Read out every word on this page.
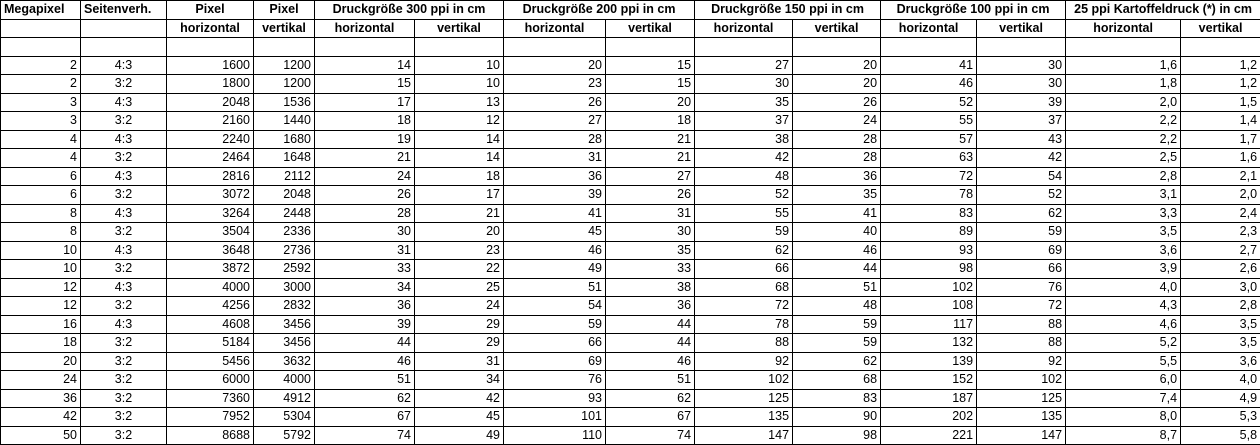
Megapixel	Seitenverh.	Pixel	Pixel	Druckgröße 300 ppi in cm		Druckgröße 200 ppi in cm		Druckgröße 150 ppi in cm		Druckgröße 100 ppi in cm		25 ppi Kartoffeldruck (*) in cm	
		horizontal	vertikal	horizontal	vertikal	horizontal	vertikal	horizontal	vertikal	horizontal	vertikal	horizontal	vertikal

2	4:3	1600	1200	14	10	20	15	27	20	41	30	1,6	1,2
2	3:2	1800	1200	15	10	23	15	30	20	46	30	1,8	1,2
3	4:3	2048	1536	17	13	26	20	35	26	52	39	2,0	1,5
3	3:2	2160	1440	18	12	27	18	37	24	55	37	2,2	1,4
4	4:3	2240	1680	19	14	28	21	38	28	57	43	2,2	1,7
4	3:2	2464	1648	21	14	31	21	42	28	63	42	2,5	1,6
6	4:3	2816	2112	24	18	36	27	48	36	72	54	2,8	2,1
6	3:2	3072	2048	26	17	39	26	52	35	78	52	3,1	2,0
8	4:3	3264	2448	28	21	41	31	55	41	83	62	3,3	2,4
8	3:2	3504	2336	30	20	45	30	59	40	89	59	3,5	2,3
10	4:3	3648	2736	31	23	46	35	62	46	93	69	3,6	2,7
10	3:2	3872	2592	33	22	49	33	66	44	98	66	3,9	2,6
12	4:3	4000	3000	34	25	51	38	68	51	102	76	4,0	3,0
12	3:2	4256	2832	36	24	54	36	72	48	108	72	4,3	2,8
16	4:3	4608	3456	39	29	59	44	78	59	117	88	4,6	3,5
18	3:2	5184	3456	44	29	66	44	88	59	132	88	5,2	3,5
20	3:2	5456	3632	46	31	69	46	92	62	139	92	5,5	3,6
24	3:2	6000	4000	51	34	76	51	102	68	152	102	6,0	4,0
36	3:2	7360	4912	62	42	93	62	125	83	187	125	7,4	4,9
42	3:2	7952	5304	67	45	101	67	135	90	202	135	8,0	5,3
50	3:2	8688	5792	74	49	110	74	147	98	221	147	8,7	5,8
